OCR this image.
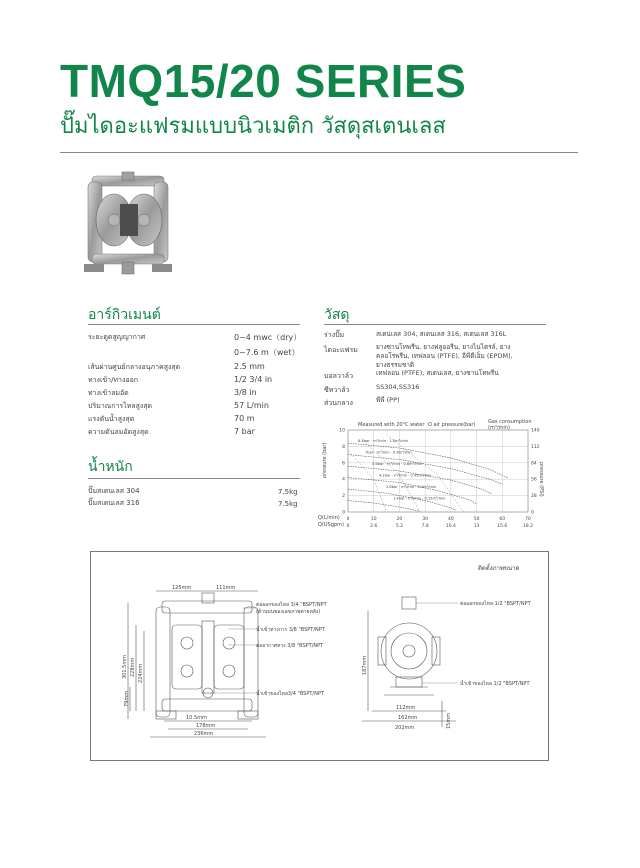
TMQ15/20 SERIES
ปั๊มไดอะแฟรมแบบนิวเมติก วัสดุสเตนเลส
อาร์กิวเมนต์
ระยะดูดสูญญากาศ	0~4 mwc（dry）
0~7.6 m（wet）
เส้นผ่านศูนย์กลางอนุภาคสูงสุด	2.5 mm
ทางเข้า/ทางออก	1/2 3/4 in
ทางเข้าลมอัด	3/8 in
ปริมาณการไหลสูงสุด	57 L/min
แรงดันน้ำสูงสุด	70 m
ความดันลมอัดสูงสุด	7 bar
น้ำหนัก
ปั๊มสเตนเลส 304	7.5kg
ปั๊มสเตนเลส 316	7.5kg
วัสดุ
ร่างปั๊ม	สเตนเลส 304, สเตนเลส 316, สเตนเลส 316L
ไดอะแฟรม	ยางซานโทพรีน, ยางฟลูออรีน, ยางไนไตรล์, ยางคลอโรพรีน, เทฟลอน (PTFE), อีพีดีเอ็ม (EPDM), ยางธรรมชาติ
บอลวาล์ว	เทฟลอน (PTFE), สเตนเลส, ยางซานโทพรีน
ซีทวาล์ว	SS304,SS316
ส่วนกลาง	พีพี (PP)
0
0
10
2.6
20
5.2
30
7.8
40
10.4
50
13
60
15.6
70
18.2
0	0
2	28
4	56
6	84
8	112
10	140
8.4bar · m³/min · 1.0m³/min
7bar · m³/min · 0.8m³/min
5.6bar · m³/min · 0.6m³/min
4.2bar · m³/min · 0.45m³/min
2.8bar · m³/min · 0.3m³/min
1.4bar · m³/min · 0.15m³/min
Measured with 20°C water O air pressure(bar)	Gas consumption (m³/min)
pressure (bar)
pressure (PSI)
Q(L/min)
Q(USgpm)
ติดตั้งภาพขนาด
125mm	111mm
ต่อออกของไหล 3/4 "BSPT/NPT
(ด้านบนของเลขภาพตายหลัง)
น้ำเข้าทางการ 3/8 "BSPT/NPT
ต่ออากาศทาง 3/8 "BSPT/NPT
น้ำเข้าของไหล3/4 "BSPT/NPT
301.5mm 228mm 224mm
79mm
10.5mm
178mm
236mm
ต่อออกของไหล 1/2 "BSPT/NPT
น้ำเข้าของไหล 1/2 "BSPT/NPT
187mm
112mm
162mm
202mm	15mm
